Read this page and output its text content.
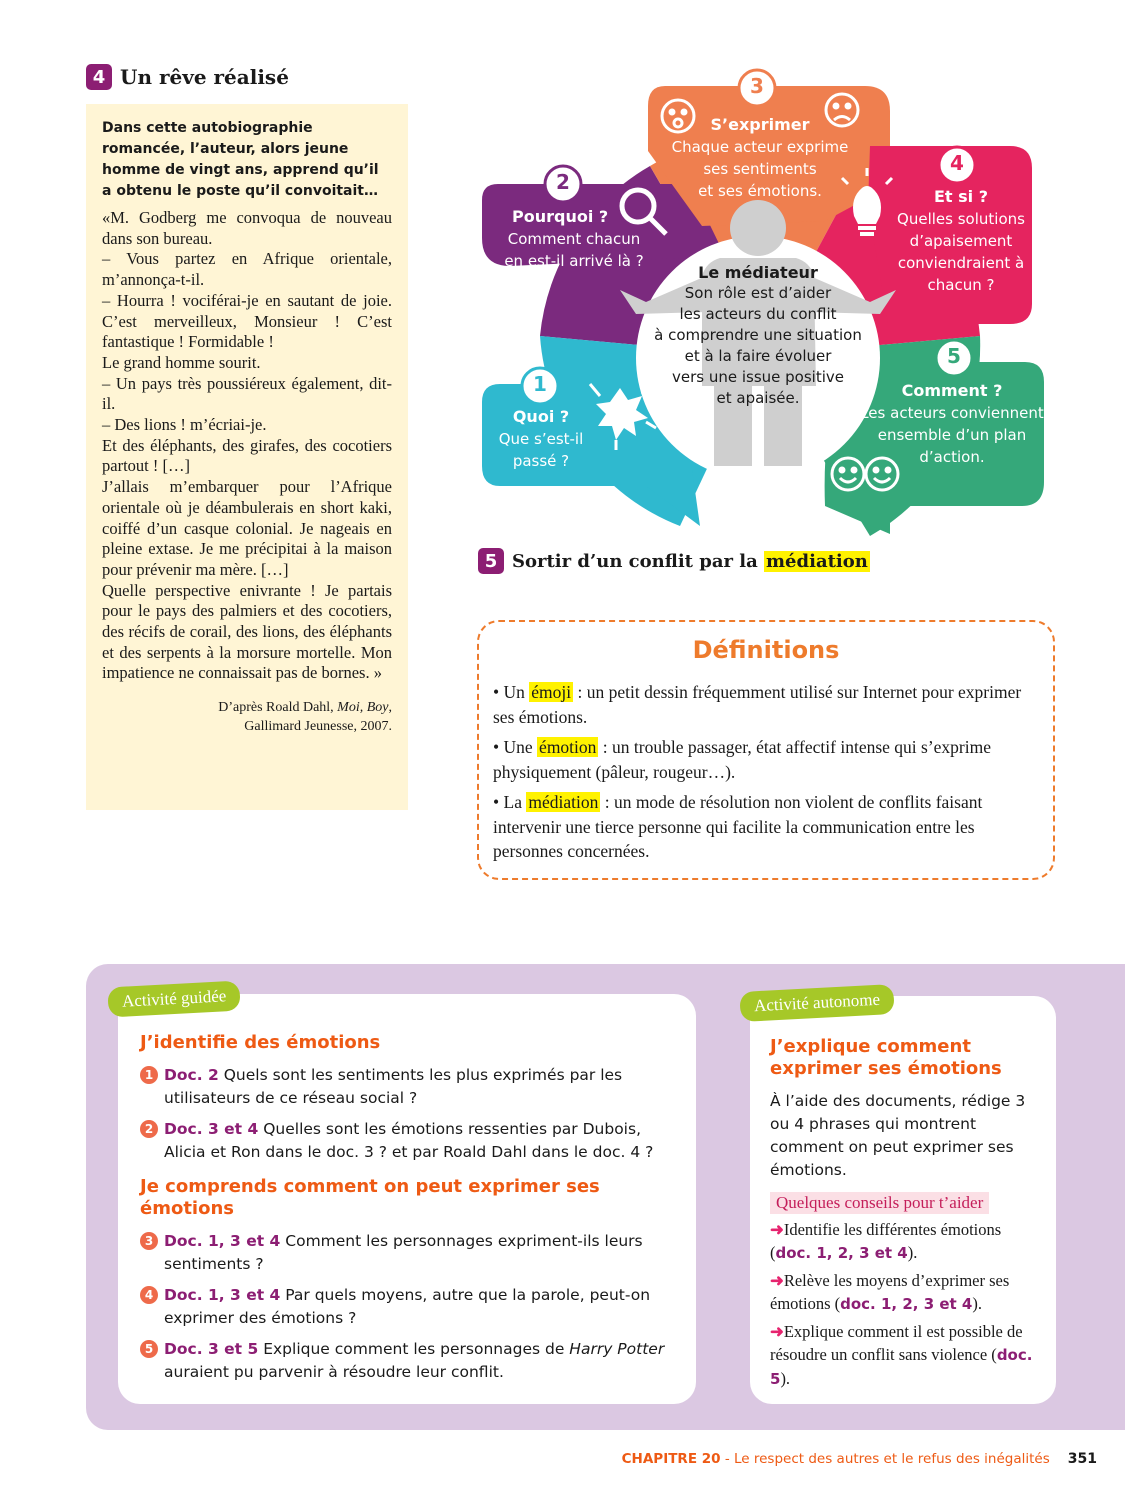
4 Un rêve réalisé

Dans cette autobiographie romancée, l’auteur, alors jeune homme de vingt ans, apprend qu’il a obtenu le poste qu’il convoitait…

«M. Godberg me convoqua de nouveau dans son bureau.

– Vous partez en Afrique orientale, m’annonça-t-il.

– Hourra ! vociférai-je en sautant de joie. C’est merveilleux, Monsieur ! C’est fantastique ! Formidable !

Le grand homme sourit.

– Un pays très poussiéreux également, dit-il.

– Des lions ! m’écriai-je.

Et des éléphants, des girafes, des cocotiers partout ! […]

J’allais m’embarquer pour l’Afrique orientale où je déambulerais en short kaki, coiffé d’un casque colonial. Je nageais en pleine extase. Je me précipitai à la maison pour prévenir ma mère. […]

Quelle perspective enivrante ! Je partais pour le pays des palmiers et des cocotiers, des récifs de corail, des lions, des éléphants et des serpents à la morsure mortelle. Mon impatience ne connaissait pas de bornes. »

D’après Roald Dahl, Moi, Boy,
Gallimard Jeunesse, 2007.
3
2
4
5
1
S’exprimer
Chaque acteur exprime
ses sentiments
et ses émotions.
Pourquoi ?
Comment chacun
en est-il arrivé là ?
Et si ?
Quelles solutions
d’apaisement
conviendraient à
chacun ?
Comment ?
Les acteurs conviennent
ensemble d’un plan
d’action.
Quoi ?
Que s’est-il
passé ?
Le médiateur
Son rôle est d’aider
les acteurs du conflit
à comprendre une situation
et à la faire évoluer
vers une issue positive
et apaisée.
5 Sortir d’un conflit par la médiation
Définitions

• Un émoji : un petit dessin fréquemment utilisé sur Internet pour exprimer ses émotions.

• Une émotion : un trouble passager, état affectif intense qui s’exprime physiquement (pâleur, rougeur…).

• La médiation : un mode de résolution non violent de conflits faisant intervenir une tierce personne qui facilite la communication entre les personnes concernées.

J’identifie des émotions
1 Doc. 2 Quels sont les sentiments les plus exprimés par les utilisateurs de ce réseau social ?
2 Doc. 3 et 4 Quelles sont les émotions ressenties par Dubois, Alicia et Ron dans le doc. 3 ? et par Roald Dahl dans le doc. 4 ?
Je comprends comment on peut exprimer ses émotions
3 Doc. 1, 3 et 4 Comment les personnages expriment-ils leurs sentiments ?
4 Doc. 1, 3 et 4 Par quels moyens, autre que la parole, peut-on exprimer des émotions ?
5 Doc. 3 et 5 Explique comment les personnages de Harry Potter auraient pu parvenir à résoudre leur conflit.
Activité guidée
J’explique comment exprimer ses émotions

À l’aide des documents, rédige 3 ou 4 phrases qui montrent comment on peut exprimer ses émotions.

Quelques conseils pour t’aider

➜Identifie les différentes émotions (doc. 1, 2, 3 et 4).

➜Relève les moyens d’exprimer ses émotions (doc. 1, 2, 3 et 4).

➜Explique comment il est possible de résoudre un conflit sans violence (doc. 5).

Activité autonome
CHAPITRE 20 - Le respect des autres et le refus des inégalités 351
